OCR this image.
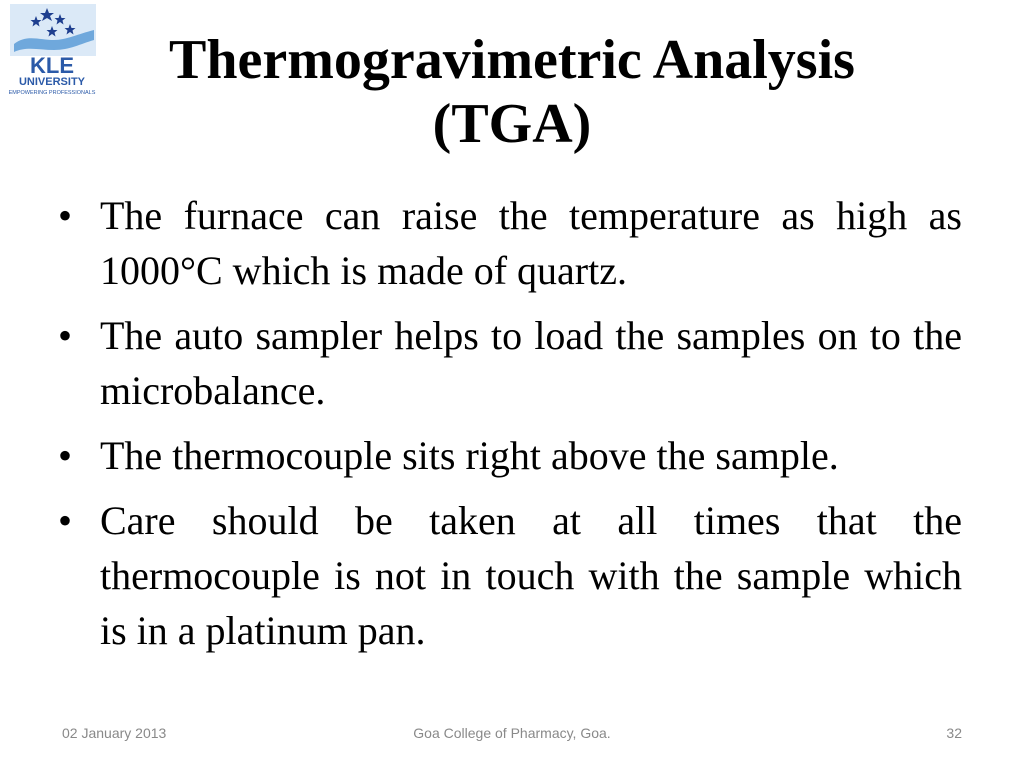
KLE
UNIVERSITY
EMPOWERING PROFESSIONALS
Thermogravimetric Analysis
(TGA)
• The furnace can raise the temperature as high as 1000°C which is made of quartz.
• The auto sampler helps to load the samples on to the microbalance.
• The thermocouple sits right above the sample.
• Care should be taken at all times that the thermocouple is not in touch with the sample which is in a platinum pan.
02 January 2013	Goa College of Pharmacy, Goa.	32
